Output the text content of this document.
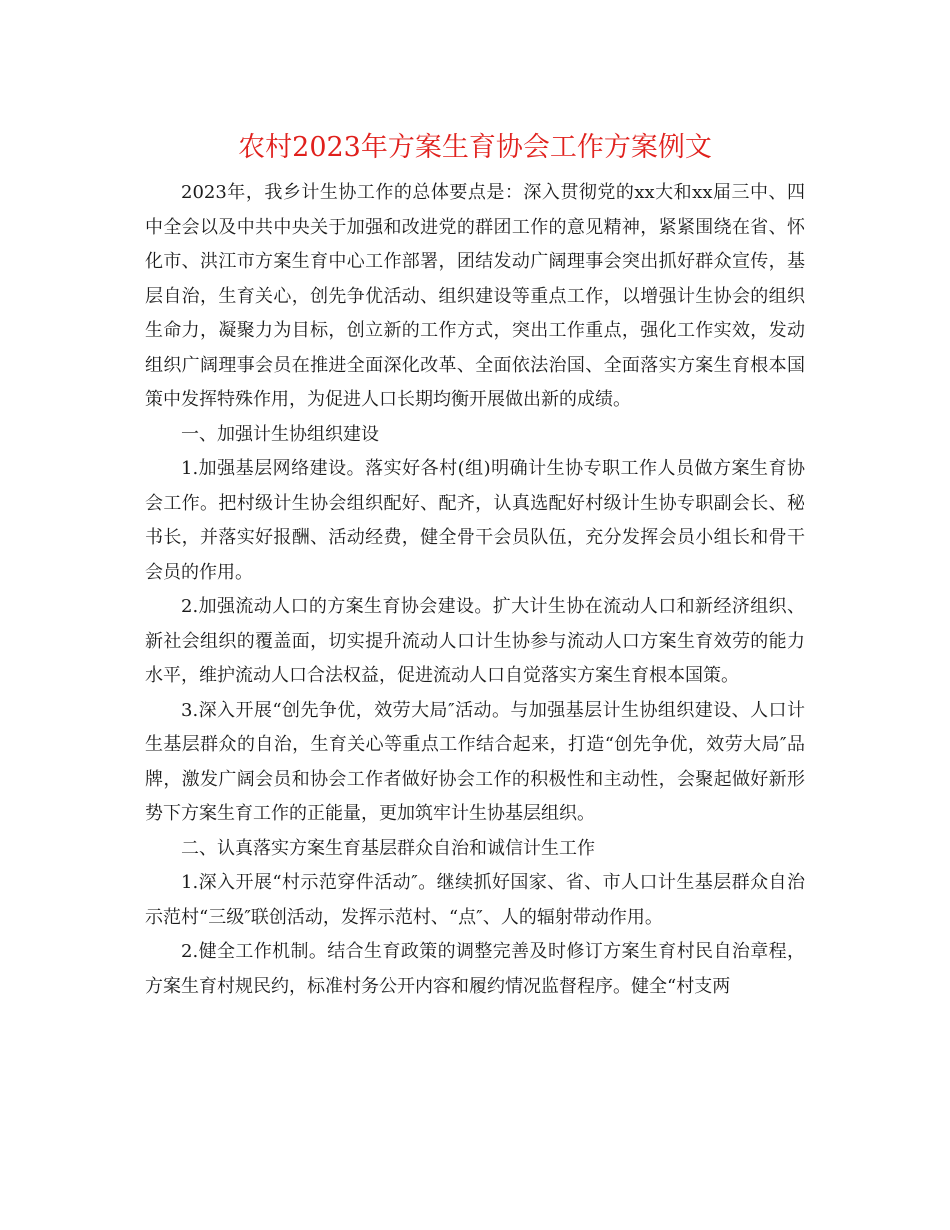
农村2023年方案生育协会工作方案例文

2023年，我乡计生协工作的总体要点是：深入贯彻党的xx大和xx届三中、四中全会以及中共中央关于加强和改进党的群团工作的意见精神，紧紧围绕在省、怀化市、洪江市方案生育中心工作部署，团结发动广阔理事会突出抓好群众宣传，基层自治，生育关心，创先争优活动、组织建设等重点工作，以增强计生协会的组织生命力，凝聚力为目标，创立新的工作方式，突出工作重点，强化工作实效，发动组织广阔理事会员在推进全面深化改革、全面依法治国、全面落实方案生育根本国策中发挥特殊作用，为促进人口长期均衡开展做出新的成绩。

一、加强计生协组织建设

1.加强基层网络建设。落实好各村(组)明确计生协专职工作人员做方案生育协会工作。把村级计生协会组织配好、配齐，认真选配好村级计生协专职副会长、秘书长，并落实好报酬、活动经费，健全骨干会员队伍，充分发挥会员小组长和骨干会员的作用。

2.加强流动人口的方案生育协会建设。扩大计生协在流动人口和新经济组织、新社会组织的覆盖面，切实提升流动人口计生协参与流动人口方案生育效劳的能力水平，维护流动人口合法权益，促进流动人口自觉落实方案生育根本国策。

3.深入开展“创先争优，效劳大局″活动。与加强基层计生协组织建设、人口计生基层群众的自治，生育关心等重点工作结合起来，打造“创先争优，效劳大局″品牌，激发广阔会员和协会工作者做好协会工作的积极性和主动性，会聚起做好新形势下方案生育工作的正能量，更加筑牢计生协基层组织。

二、认真落实方案生育基层群众自治和诚信计生工作

1.深入开展“村示范穿件活动″。继续抓好国家、省、市人口计生基层群众自治示范村“三级″联创活动，发挥示范村、“点″、人的辐射带动作用。

2.健全工作机制。结合生育政策的调整完善及时修订方案生育村民自治章程，方案生育村规民约，标准村务公开内容和履约情况监督程序。健全“村支两
